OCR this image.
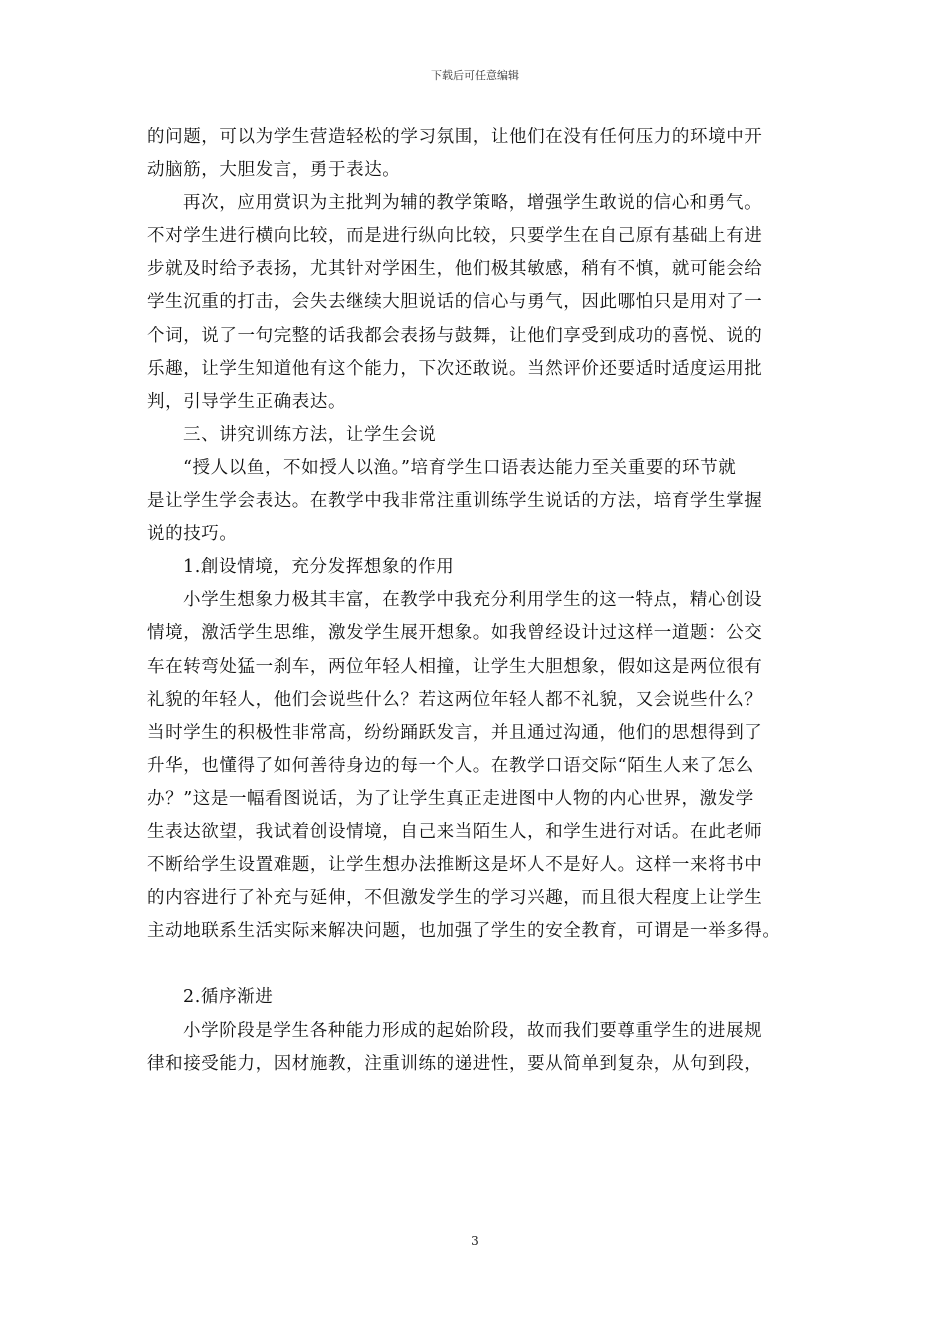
下载后可任意编辑
的问题，可以为学生营造轻松的学习氛围，让他们在没有任何压力的环境中开
动脑筋，大胆发言，勇于表达。
再次，应用赏识为主批判为辅的教学策略，增强学生敢说的信心和勇气。
不对学生进行横向比较，而是进行纵向比较，只要学生在自己原有基础上有进
步就及时给予表扬，尤其针对学困生，他们极其敏感，稍有不慎，就可能会给
学生沉重的打击，会失去继续大胆说话的信心与勇气，因此哪怕只是用对了一
个词，说了一句完整的话我都会表扬与鼓舞，让他们享受到成功的喜悦、说的
乐趣，让学生知道他有这个能力，下次还敢说。当然评价还要适时适度运用批
判，引导学生正确表达。
三、讲究训练方法，让学生会说
“授人以鱼，不如授人以渔。”培育学生口语表达能力至关重要的环节就
是让学生学会表达。在教学中我非常注重训练学生说话的方法，培育学生掌握
说的技巧。
1.創设情境，充分发挥想象的作用
小学生想象力极其丰富，在教学中我充分利用学生的这一特点，精心创设
情境，激活学生思维，激发学生展开想象。如我曾经设计过这样一道题：公交
车在转弯处猛一刹车，两位年轻人相撞，让学生大胆想象，假如这是两位很有
礼貌的年轻人，他们会说些什么？若这两位年轻人都不礼貌，又会说些什么？
当时学生的积极性非常高，纷纷踊跃发言，并且通过沟通，他们的思想得到了
升华，也懂得了如何善待身边的每一个人。在教学口语交际“陌生人来了怎么
办？”这是一幅看图说话，为了让学生真正走进图中人物的内心世界，激发学
生表达欲望，我试着创设情境，自己来当陌生人，和学生进行对话。在此老师
不断给学生设置难题，让学生想办法推断这是坏人不是好人。这样一来将书中
的内容进行了补充与延伸，不但激发学生的学习兴趣，而且很大程度上让学生
主动地联系生活实际来解决问题，也加强了学生的安全教育，可谓是一举多得。
2.循序渐进
小学阶段是学生各种能力形成的起始阶段，故而我们要尊重学生的进展规
律和接受能力，因材施教，注重训练的递进性，要从简单到复杂，从句到段，
3
